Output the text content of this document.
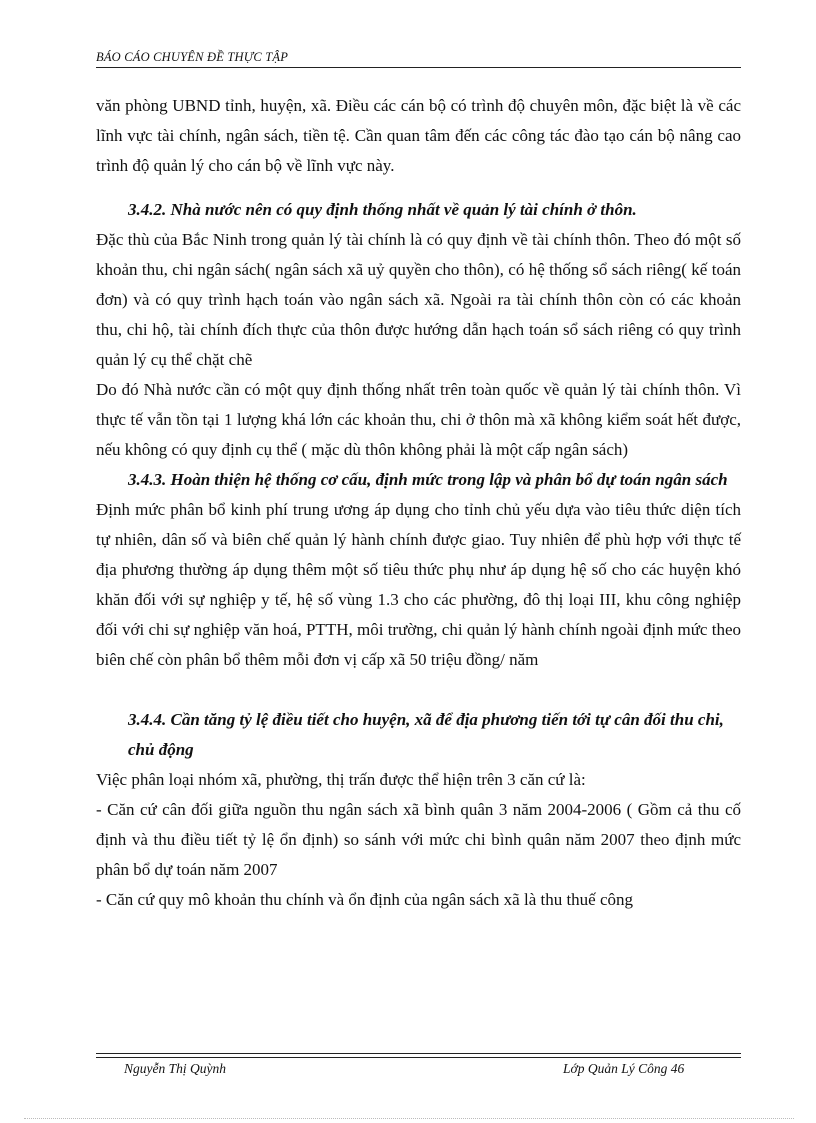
BÁO CÁO CHUYÊN ĐỀ THỰC TẬP

văn phòng UBND tỉnh, huyện, xã. Điều các cán bộ có trình độ chuyên môn, đặc biệt là về các lĩnh vực tài chính, ngân sách, tiền tệ. Cần quan tâm đến các công tác đào tạo cán bộ nâng cao trình độ quản lý cho cán bộ về lĩnh vực này.

3.4.2. Nhà nước nên có quy định thống nhất về quản lý tài chính ở thôn.

Đặc thù của Bắc Ninh trong quản lý tài chính là có quy định về tài chính thôn. Theo đó một số khoản thu, chi ngân sách( ngân sách xã uỷ quyền cho thôn), có hệ thống sổ sách riêng( kế toán đơn) và có quy trình hạch toán vào ngân sách xã. Ngoài ra tài chính thôn còn có các khoản thu, chi hộ, tài chính đích thực của thôn được hướng dẫn hạch toán sổ sách riêng có quy trình quản lý cụ thể chặt chẽ

Do đó Nhà nước cần có một quy định thống nhất trên toàn quốc về quản lý tài chính thôn. Vì thực tế vẫn tồn tại 1 lượng khá lớn các khoản thu, chi ở thôn mà xã không kiểm soát hết được, nếu không có quy định cụ thể ( mặc dù thôn không phải là một cấp ngân sách)

3.4.3. Hoàn thiện hệ thống cơ cấu, định mức trong lập và phân bổ dự toán ngân sách

Định mức phân bổ kinh phí trung ương áp dụng cho tỉnh chủ yếu dựa vào tiêu thức diện tích tự nhiên, dân số và biên chế quản lý hành chính được giao. Tuy nhiên để phù hợp với thực tế địa phương thường áp dụng thêm một số tiêu thức phụ như áp dụng hệ số cho các huyện khó khăn đối với sự nghiệp y tế, hệ số vùng 1.3 cho các phường, đô thị loại III, khu công nghiệp đối với chi sự nghiệp văn hoá, PTTH, môi trường, chi quản lý hành chính ngoài định mức theo biên chế còn phân bổ thêm mỗi đơn vị cấp xã 50 triệu đồng/ năm

3.4.4. Cần tăng tỷ lệ điều tiết cho huyện, xã để địa phương tiến tới tự cân đối thu chi, chủ động

Việc phân loại nhóm xã, phường, thị trấn được thể hiện trên 3 căn cứ là:

- Căn cứ cân đối giữa nguồn thu ngân sách xã bình quân 3 năm 2004-2006 ( Gồm cả thu cố định và thu điều tiết tỷ lệ ổn định) so sánh với mức chi bình quân năm 2007 theo định mức phân bổ dự toán năm 2007

- Căn cứ quy mô khoản thu chính và ổn định của ngân sách xã là thu thuế công

Nguyễn Thị Quỳnh	Lớp Quản Lý Công 46
